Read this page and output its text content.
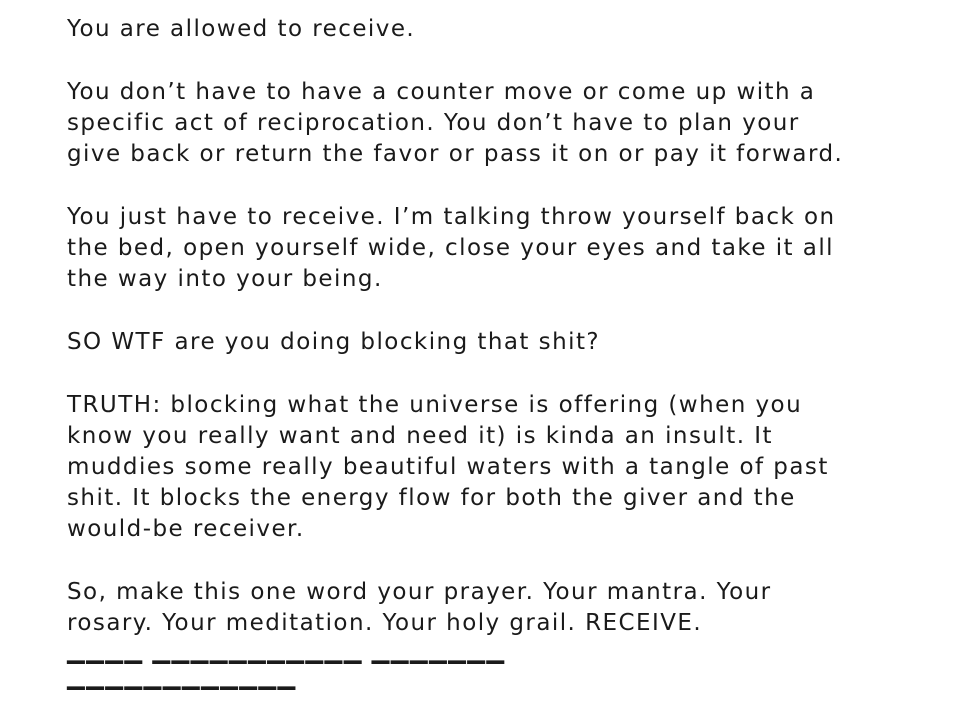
You are allowed to receive.

You don’t have to have a counter move or come up with a

specific act of reciprocation. You don’t have to plan your

give back or return the favor or pass it on or pay it forward.

You just have to receive. I’m talking throw yourself back on

the bed, open yourself wide, close your eyes and take it all

the way into your being.

SO WTF are you doing blocking that shit?

TRUTH: blocking what the universe is offering (when you

know you really want and need it) is kinda an insult. It

muddies some really beautiful waters with a tangle of past

shit. It blocks the energy flow for both the giver and the

would-be receiver.

So, make this one word your prayer. Your mantra. Your

rosary. Your meditation. Your holy grail. RECEIVE.

▔▔▔▔ ▔▔▔▔▔▔▔▔▔▔▔ ▔▔▔▔▔▔▔ ▔▔▔▔▔▔▔▔▔▔▔▔
